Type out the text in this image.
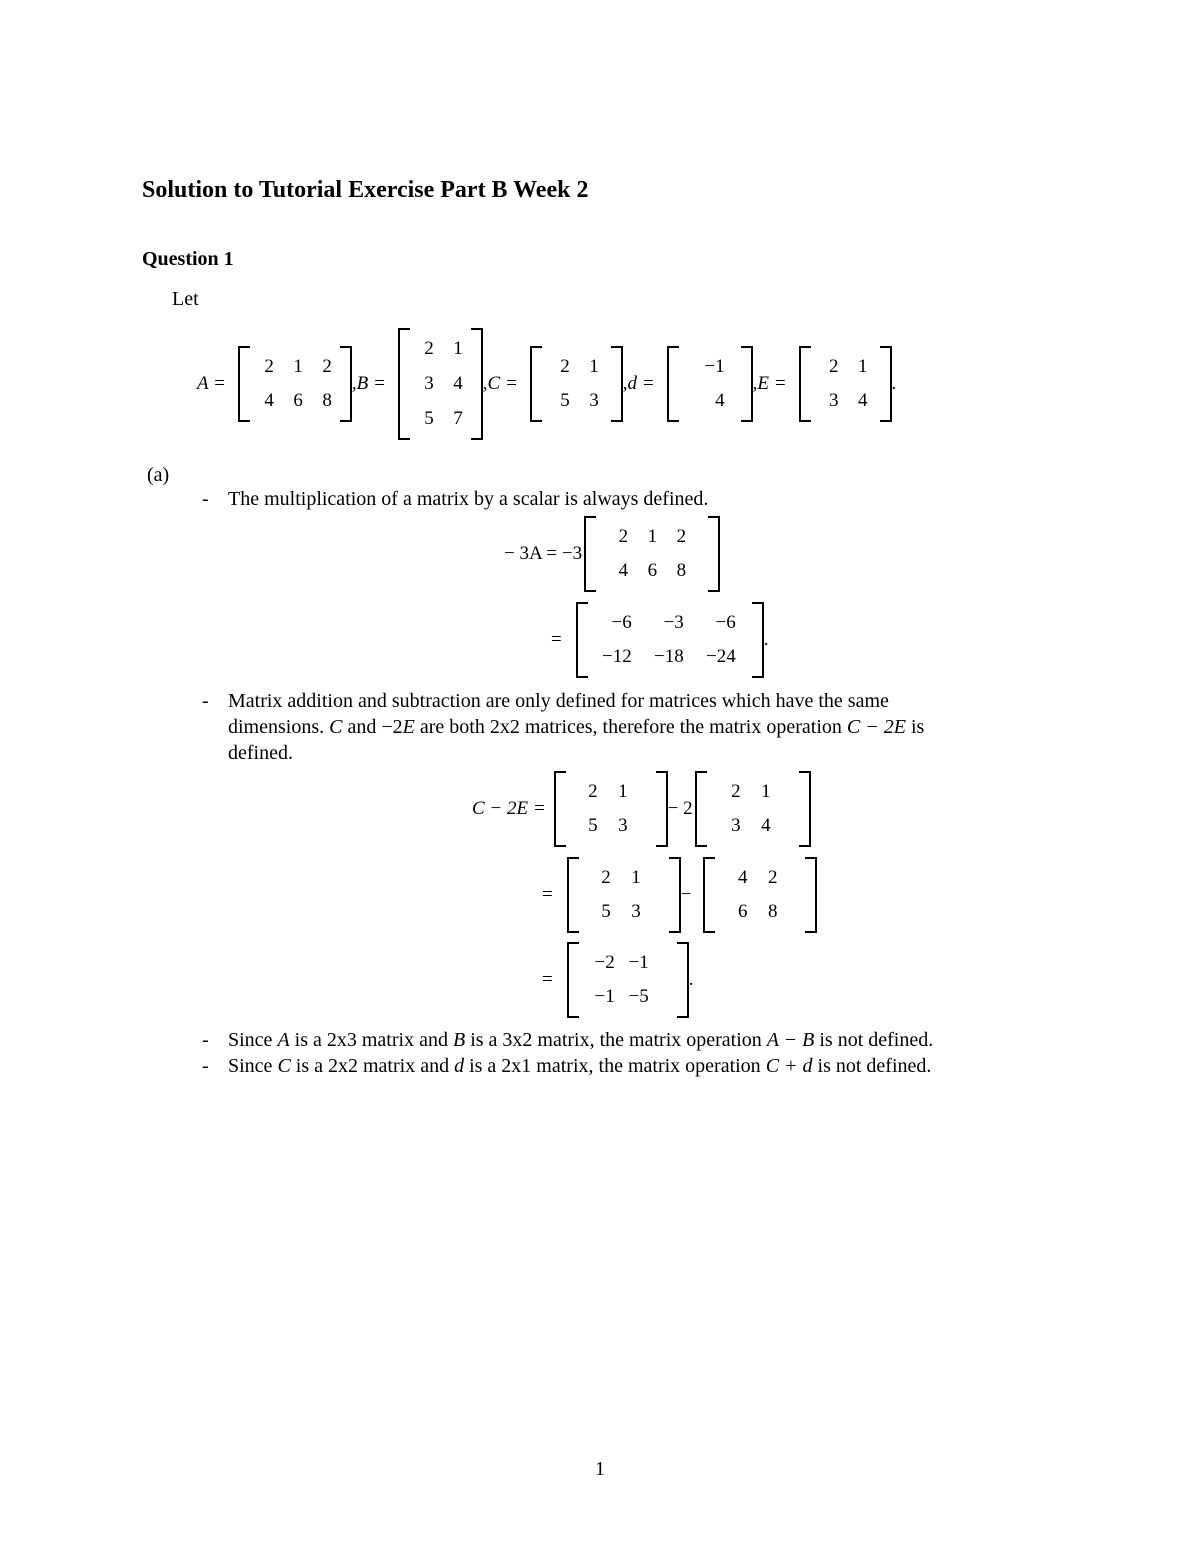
Solution to Tutorial Exercise Part B Week 2
Question 1
Let
A =
2 1 2
4 6 8
,B =
2 1
3 4
5 7
,C =
2 1
5 3
,d =
−1
4
,E =
2 1
3 4
.
(a)
- The multiplication of a matrix by a scalar is always defined.
− 3A = −3
2 1 2
4 6 8
=
−6 −3 −6
−12 −18 −24
.
- Matrix addition and subtraction are only defined for matrices which have the same
dimensions. C and −2E are both 2x2 matrices, therefore the matrix operation C − 2E is
defined.
C − 2E =
2 1
5 3
− 2
2 1
3 4
=
2 1
5 3
−
4 2
6 8
=
−2 −1
−1 −5
.
- Since A is a 2x3 matrix and B is a 3x2 matrix, the matrix operation A − B is not defined.
- Since C is a 2x2 matrix and d is a 2x1 matrix, the matrix operation C + d is not defined.
1
